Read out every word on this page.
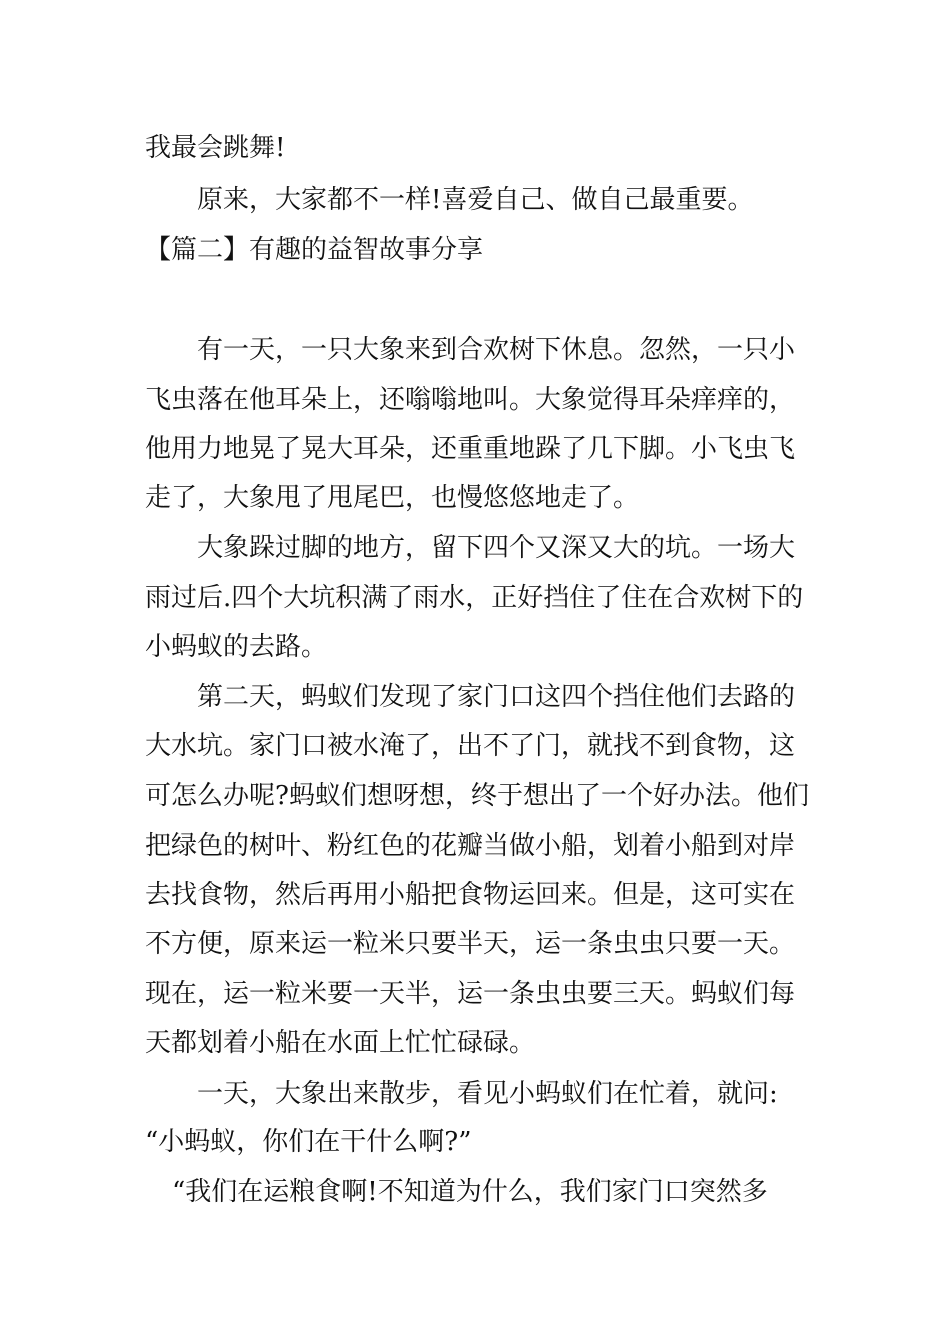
我最会跳舞!
原来，大家都不一样!喜爱自己、做自己最重要。
【篇二】有趣的益智故事分享
有一天，一只大象来到合欢树下休息。忽然，一只小
飞虫落在他耳朵上，还嗡嗡地叫。大象觉得耳朵痒痒的，
他用力地晃了晃大耳朵，还重重地跺了几下脚。小飞虫飞
走了，大象甩了甩尾巴，也慢悠悠地走了。
大象跺过脚的地方，留下四个又深又大的坑。一场大
雨过后.四个大坑积满了雨水，正好挡住了住在合欢树下的
小蚂蚁的去路。
第二天，蚂蚁们发现了家门口这四个挡住他们去路的
大水坑。家门口被水淹了，出不了门，就找不到食物，这
可怎么办呢?蚂蚁们想呀想，终于想出了一个好办法。他们
把绿色的树叶、粉红色的花瓣当做小船，划着小船到对岸
去找食物，然后再用小船把食物运回来。但是，这可实在
不方便，原来运一粒米只要半天，运一条虫虫只要一天。
现在，运一粒米要一天半，运一条虫虫要三天。蚂蚁们每
天都划着小船在水面上忙忙碌碌。
一天，大象出来散步，看见小蚂蚁们在忙着，就问:
“小蚂蚁，你们在干什么啊?”
“我们在运粮食啊!不知道为什么，我们家门口突然多
